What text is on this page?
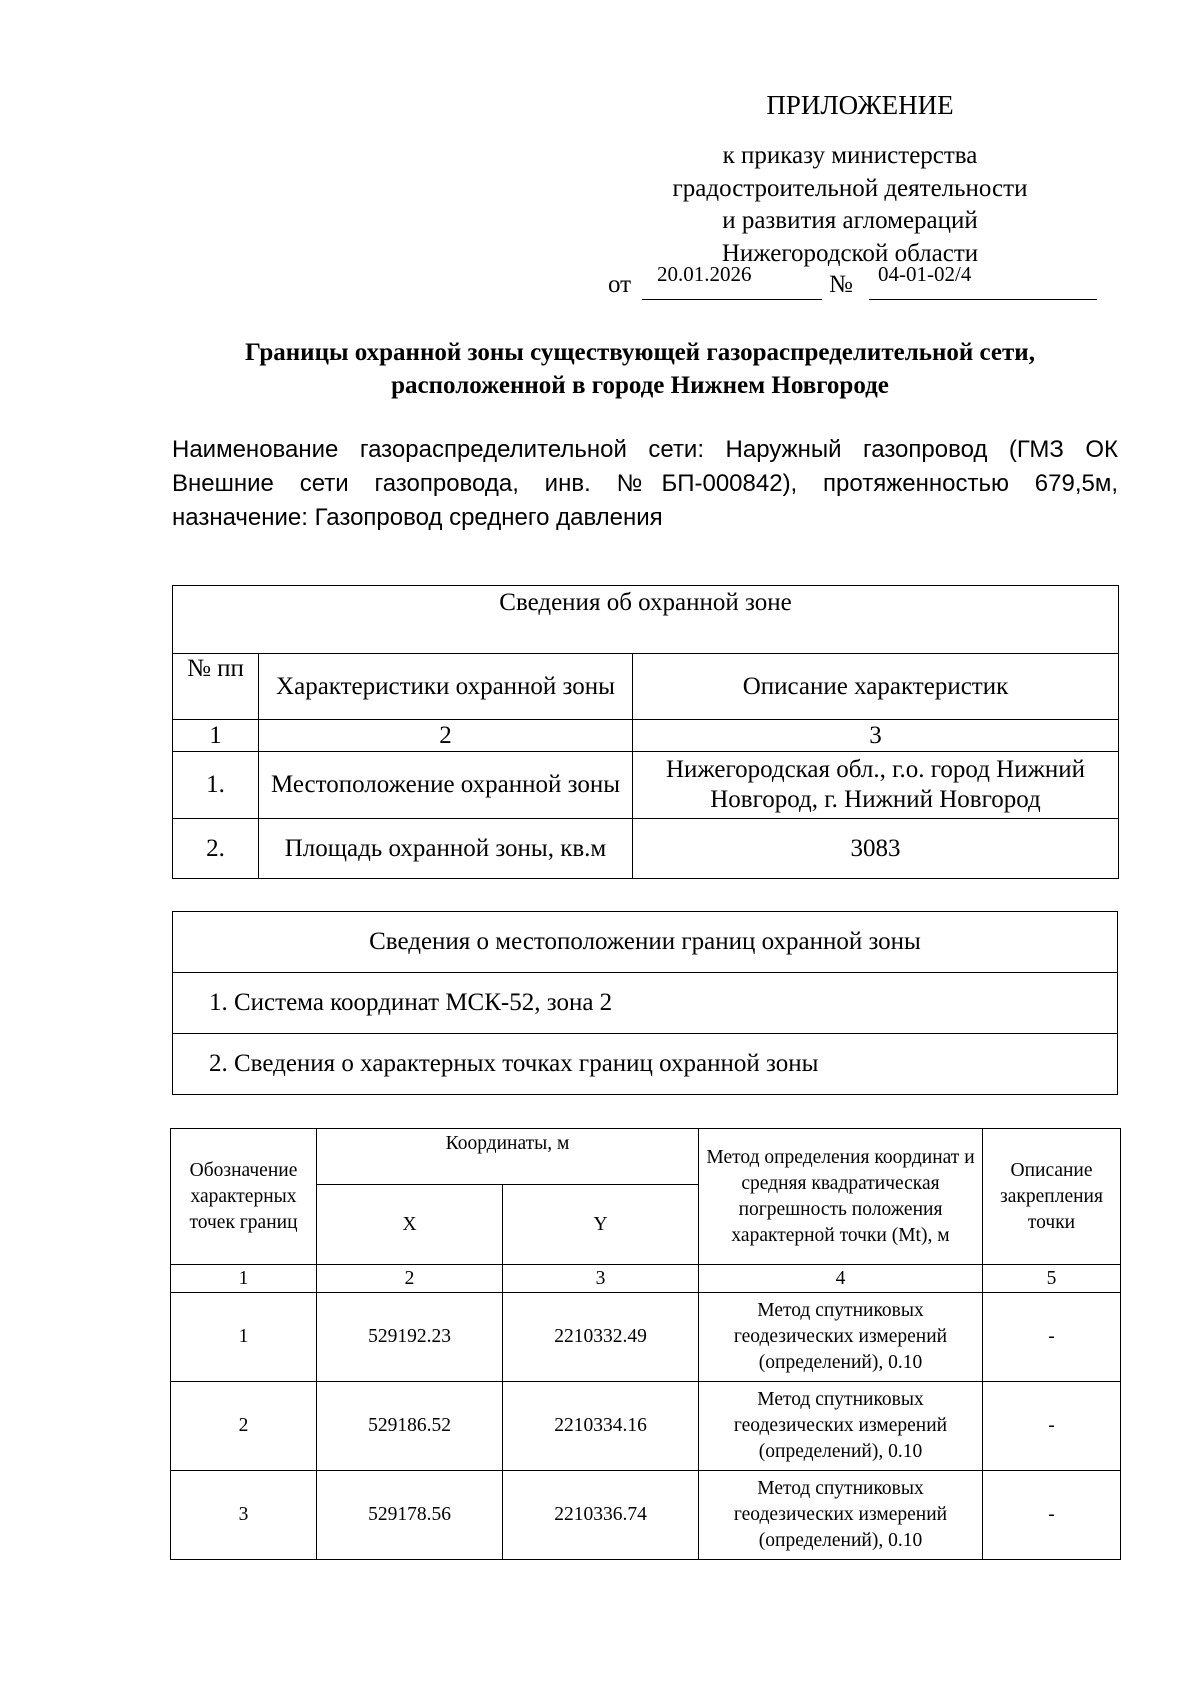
ПРИЛОЖЕНИЕ
к приказу министерства
градостроительной деятельности
и развития агломераций
Нижегородской области
от 20.01.2026	№ 04-01-02/4
Границы охранной зоны существующей газораспределительной сети,
расположенной в городе Нижнем Новгороде
Наименование газораспределительной сети: Наружный газопровод (ГМЗ ОК Внешние сети газопровода, инв. №БП-000842), протяженностью 679,5м, назначение: Газопровод среднего давления
Сведения об охранной зоне		
№ пп	Характеристики охранной зоны	Описание характеристик
1	2	3
1.	Местоположение охранной зоны	Нижегородская обл., г.о. город Нижний Новгород, г. Нижний Новгород
2.	Площадь охранной зоны, кв.м	3083
Сведения о местоположении границ охранной зоны
1. Система координат МСК-52, зона 2
2. Сведения о характерных точках границ охранной зоны
Обозначение характерных точек границ	Координаты, м		Метод определения координат и средняя квадратическая погрешность положения характерной точки (Mt), м	Описание закрепления точки
	X	Y		
1	2	3	4	5
1	529192.23	2210332.49	Метод спутниковых геодезических измерений (определений), 0.10	-
2	529186.52	2210334.16	Метод спутниковых геодезических измерений (определений), 0.10	-
3	529178.56	2210336.74	Метод спутниковых геодезических измерений (определений), 0.10	-
